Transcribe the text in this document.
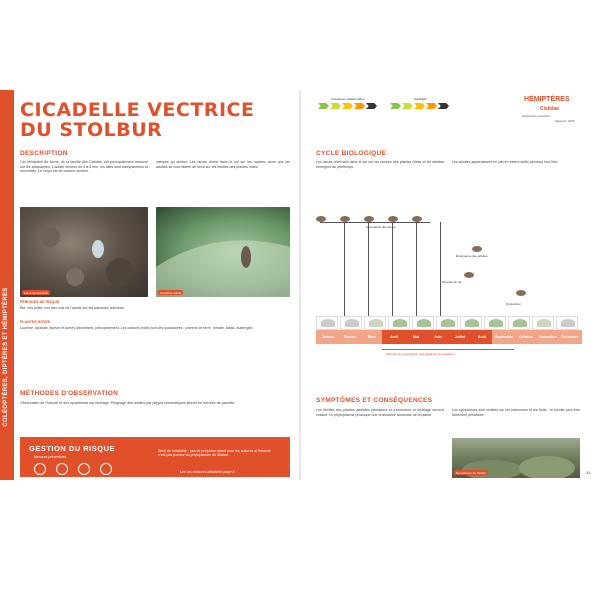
COLÉOPTÈRES, DIPTÈRES ET HÉMIPTÈRES
CICADELLE VECTRICE
DU STOLBUR
DESCRIPTION
Cet hémiptère de forme, de la famille des Cixiidés, est principalement retrouvé sur les solanacées. L'adulte mesure de 4 à 5 mm, les ailes sont transparentes et nervurées. Le corps est de couleur sombre.
vampire au stolbur. Les larves vivent dans le sol sur les racines, alors que les adultes se nourrissent de sève sur les feuilles des plantes hôtes.
Larve de cicadelle	Cicadelle adulte
PÉRIODES DE RISQUE
Été, dès juillet, lors des vols de l'adulte sur les parcelles cultivées.
PLANTES HÔTES
Luzerne, lavande, liseron et autres adventices, principalement. Les cultures hôtes sont les solanacées : pomme de terre, tomate, tabac, aubergine.
MÉTHODES D'OBSERVATION
Observation de l'insecte et des symptômes sur feuillage. Piégeage des adultes par pièges chromatiques jaunes en bordure de parcelle.
GESTION DU RISQUE
Mesures préventives
Seuil de nuisibilité : pas de préjudice direct pour les cultures si l'insecte n'est pas porteur du phytoplasme du Stolbur.
Lire les mesures détaillées page 8
22
Fréquence d'observation	Nuisibilité	HÉMIPTÈRES
Cixiidae
Hyalesthes obsoletus
Signoret, 1865
CYCLE BIOLOGIQUE
Les larves hivernent dans le sol sur les racines des plantes hôtes et les adultes émergent au printemps.
Les adultes apparaissent en juin et restent actifs pendant tout l'été.
Hivernation des larves
Émergence des adultes
Période de vol
Oviposition
Janvier	Février	Mars	Avril	Mai	Juin	Juillet	Août	Septembre	Octobre	Novembre	Décembre
Période de transmission potentielle du phytoplasme
SYMPTÔMES ET CONSÉQUENCES
Les feuilles des plantes atteintes jaunissent et s'enroulent, le feuillage devient violacé. Le phytoplasme provoque une croissance anormale de la plante.
Les symptômes sont visibles sur les tubercules et les fruits ; la récolte peut être fortement pénalisée.
Symptômes de Stolbur	23
